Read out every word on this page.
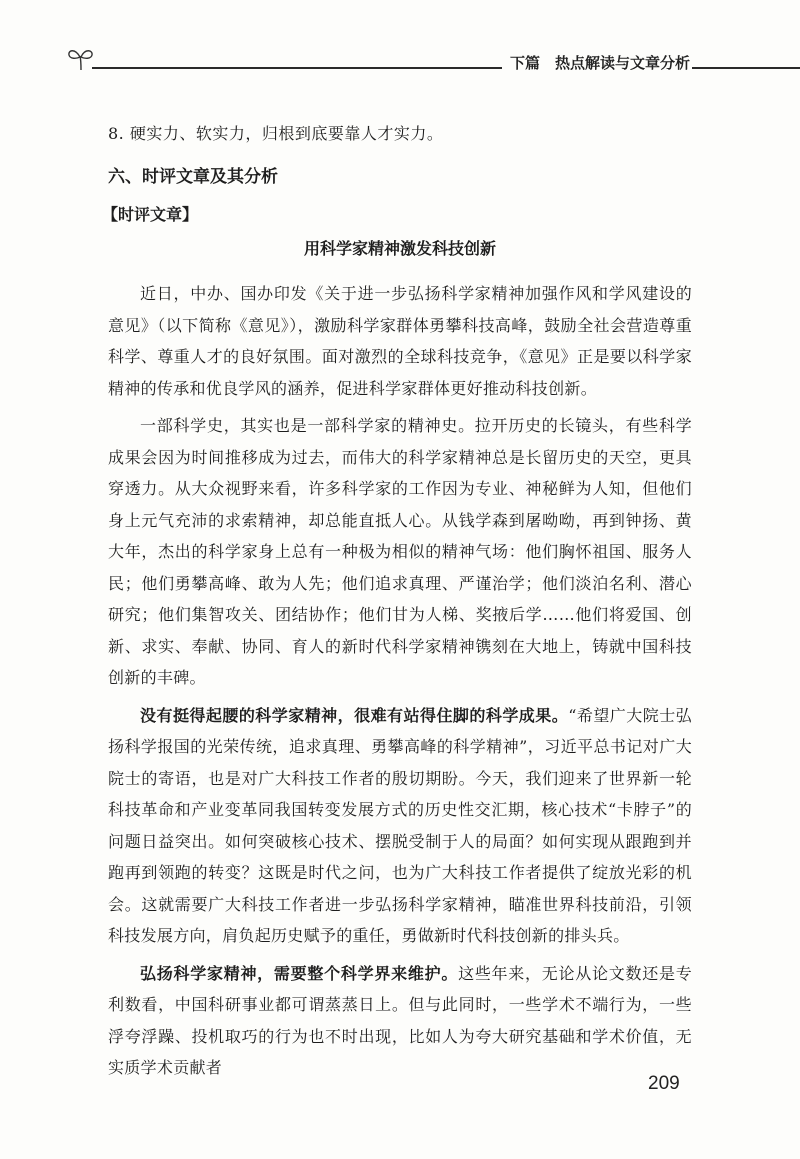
下篇　热点解读与文章分析

8. 硬实力、软实力，归根到底要靠人才实力。

六、时评文章及其分析
【时评文章】
用科学家精神激发科技创新

近日，中办、国办印发《关于进一步弘扬科学家精神加强作风和学风建设的意见》（以下简称《意见》），激励科学家群体勇攀科技高峰，鼓励全社会营造尊重科学、尊重人才的良好氛围。面对激烈的全球科技竞争，《意见》正是要以科学家精神的传承和优良学风的涵养，促进科学家群体更好推动科技创新。

一部科学史，其实也是一部科学家的精神史。拉开历史的长镜头，有些科学成果会因为时间推移成为过去，而伟大的科学家精神总是长留历史的天空，更具穿透力。从大众视野来看，许多科学家的工作因为专业、神秘鲜为人知，但他们身上元气充沛的求索精神，却总能直抵人心。从钱学森到屠呦呦，再到钟扬、黄大年，杰出的科学家身上总有一种极为相似的精神气场：他们胸怀祖国、服务人民；他们勇攀高峰、敢为人先；他们追求真理、严谨治学；他们淡泊名利、潜心研究；他们集智攻关、团结协作；他们甘为人梯、奖掖后学……他们将爱国、创新、求实、奉献、协同、育人的新时代科学家精神镌刻在大地上，铸就中国科技创新的丰碑。

没有挺得起腰的科学家精神，很难有站得住脚的科学成果。“希望广大院士弘扬科学报国的光荣传统，追求真理、勇攀高峰的科学精神”，习近平总书记对广大院士的寄语，也是对广大科技工作者的殷切期盼。今天，我们迎来了世界新一轮科技革命和产业变革同我国转变发展方式的历史性交汇期，核心技术“卡脖子”的问题日益突出。如何突破核心技术、摆脱受制于人的局面？如何实现从跟跑到并跑再到领跑的转变？这既是时代之问，也为广大科技工作者提供了绽放光彩的机会。这就需要广大科技工作者进一步弘扬科学家精神，瞄准世界科技前沿，引领科技发展方向，肩负起历史赋予的重任，勇做新时代科技创新的排头兵。

弘扬科学家精神，需要整个科学界来维护。这些年来，无论从论文数还是专利数看，中国科研事业都可谓蒸蒸日上。但与此同时，一些学术不端行为，一些浮夸浮躁、投机取巧的行为也不时出现，比如人为夸大研究基础和学术价值，无实质学术贡献者

209
